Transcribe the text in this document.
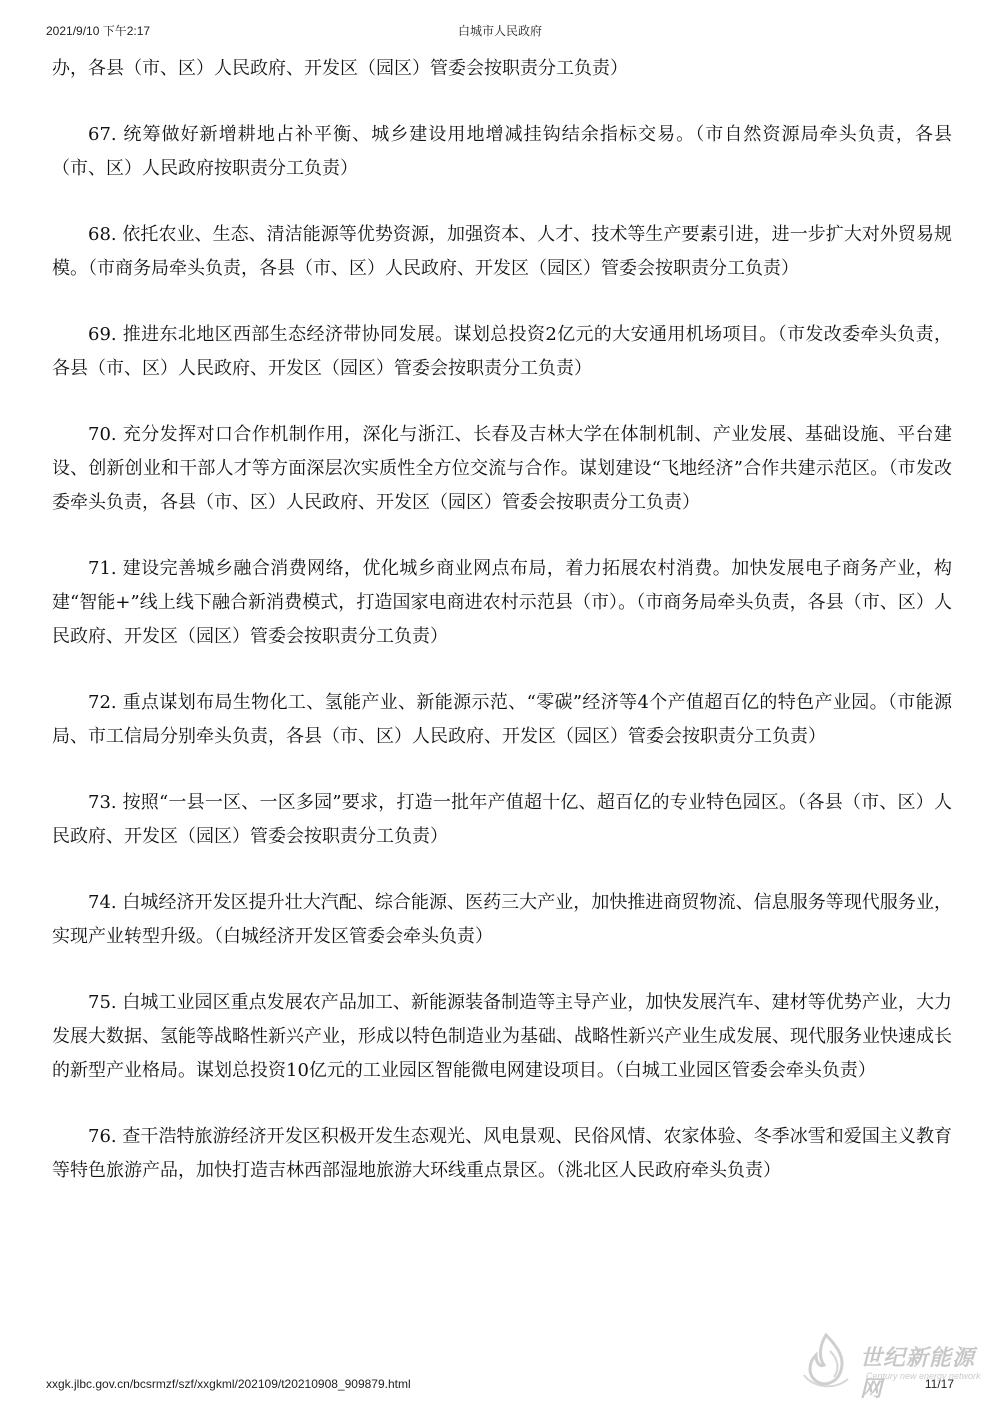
2021/9/10 下午2:17	白城市人民政府

办，各县（市、区）人民政府、开发区（园区）管委会按职责分工负责）

67. 统筹做好新增耕地占补平衡、城乡建设用地增减挂钩结余指标交易。（市自然资源局牵头负责，各县（市、区）人民政府按职责分工负责）

68. 依托农业、生态、清洁能源等优势资源，加强资本、人才、技术等生产要素引进，进一步扩大对外贸易规模。（市商务局牵头负责，各县（市、区）人民政府、开发区（园区）管委会按职责分工负责）

69. 推进东北地区西部生态经济带协同发展。谋划总投资2亿元的大安通用机场项目。（市发改委牵头负责，各县（市、区）人民政府、开发区（园区）管委会按职责分工负责）

70. 充分发挥对口合作机制作用，深化与浙江、长春及吉林大学在体制机制、产业发展、基础设施、平台建设、创新创业和干部人才等方面深层次实质性全方位交流与合作。谋划建设“飞地经济”合作共建示范区。（市发改委牵头负责，各县（市、区）人民政府、开发区（园区）管委会按职责分工负责）

71. 建设完善城乡融合消费网络，优化城乡商业网点布局，着力拓展农村消费。加快发展电子商务产业，构建“智能+”线上线下融合新消费模式，打造国家电商进农村示范县（市）。（市商务局牵头负责，各县（市、区）人民政府、开发区（园区）管委会按职责分工负责）

72. 重点谋划布局生物化工、氢能产业、新能源示范、“零碳”经济等4个产值超百亿的特色产业园。（市能源局、市工信局分别牵头负责，各县（市、区）人民政府、开发区（园区）管委会按职责分工负责）

73. 按照“一县一区、一区多园”要求，打造一批年产值超十亿、超百亿的专业特色园区。（各县（市、区）人民政府、开发区（园区）管委会按职责分工负责）

74. 白城经济开发区提升壮大汽配、综合能源、医药三大产业，加快推进商贸物流、信息服务等现代服务业，实现产业转型升级。（白城经济开发区管委会牵头负责）

75. 白城工业园区重点发展农产品加工、新能源装备制造等主导产业，加快发展汽车、建材等优势产业，大力发展大数据、氢能等战略性新兴产业，形成以特色制造业为基础、战略性新兴产业生成发展、现代服务业快速成长的新型产业格局。谋划总投资10亿元的工业园区智能微电网建设项目。（白城工业园区管委会牵头负责）

76. 查干浩特旅游经济开发区积极开发生态观光、风电景观、民俗风情、农家体验、冬季冰雪和爱国主义教育等特色旅游产品，加快打造吉林西部湿地旅游大环线重点景区。（洮北区人民政府牵头负责）

xxgk.jlbc.gov.cn/bcsrmzf/szf/xxgkml/202109/t20210908_909879.html	11/17
世纪新能源网
Century new energy network
